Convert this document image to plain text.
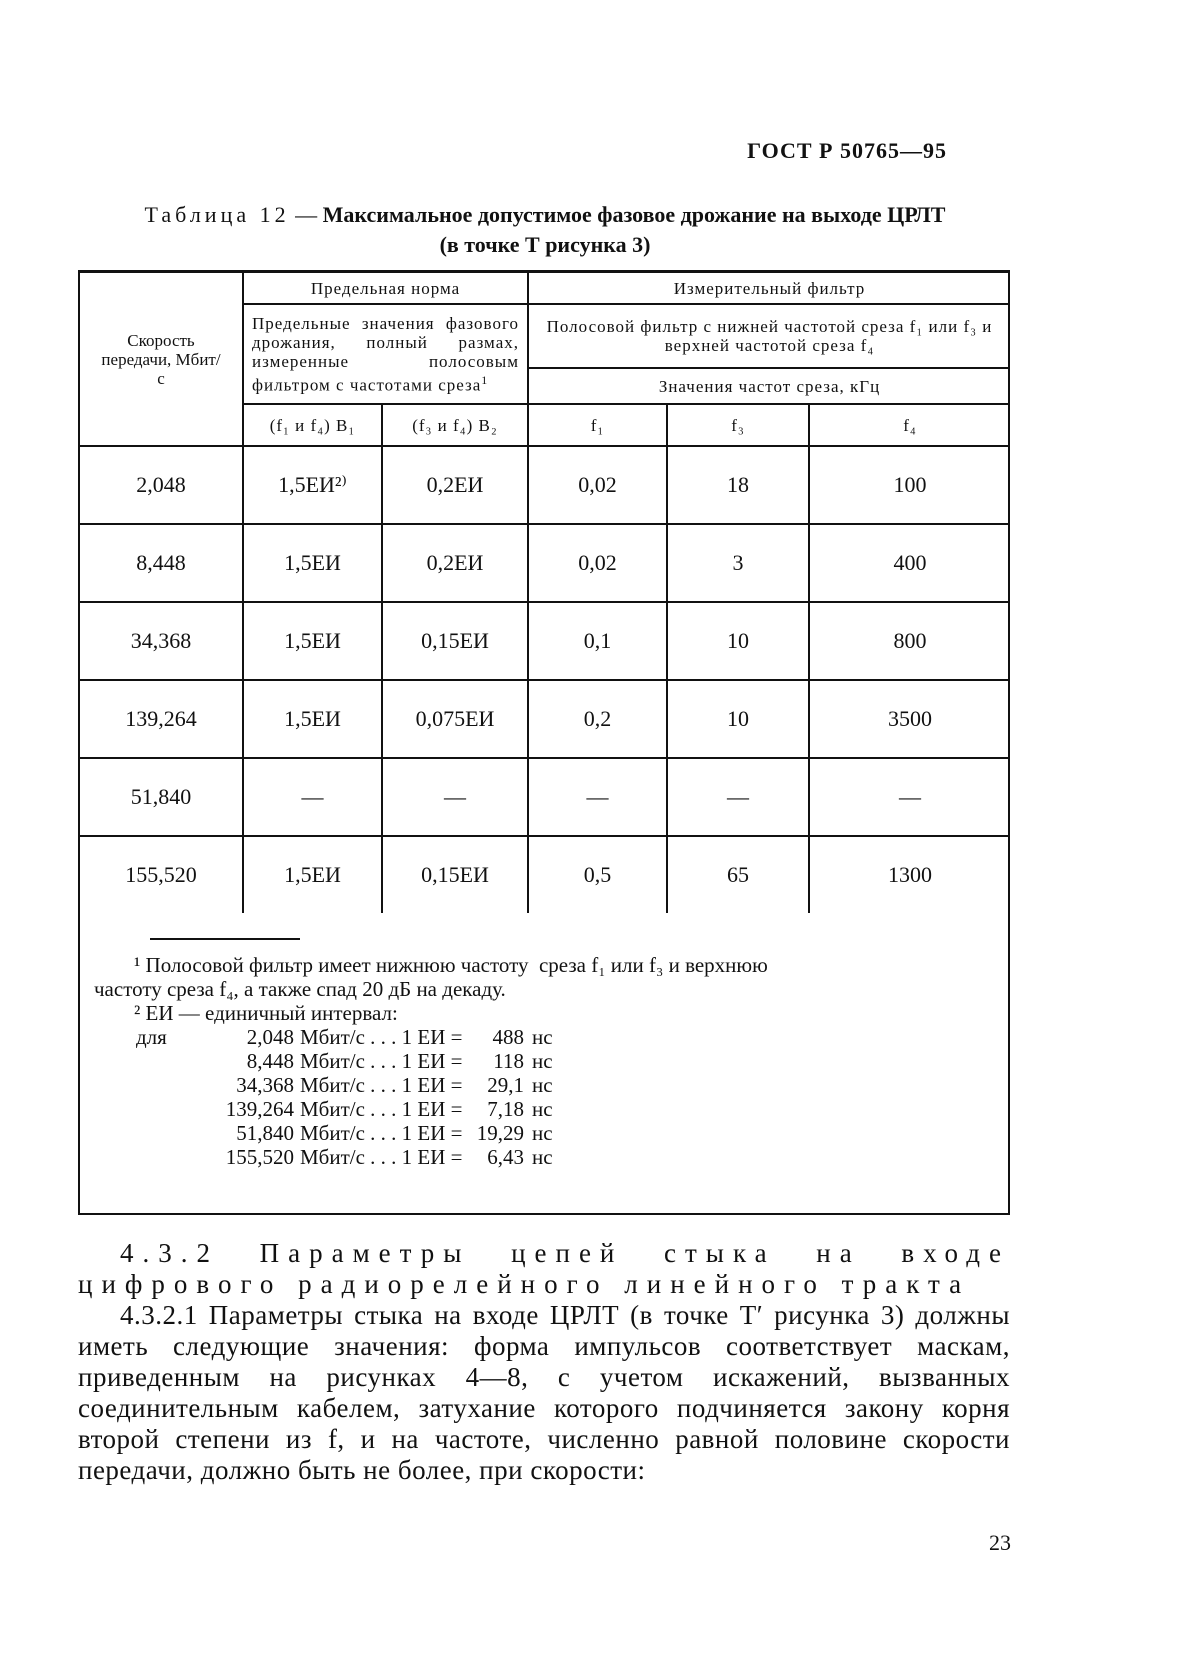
ГОСТ Р 50765—95
Таблица 12 — Максимальное допустимое фазовое дрожание на выходе ЦРЛТ
(в точке Т рисунка 3)
Скорость передачи, Мбит/с	Предельная норма		Измерительный фильтр		
	Предельные значения фазового дрожания, полный размах, измеренные полосовым фильтром с частотами среза$^1$		Полосовой фильтр с нижней частотой среза f₁ или f₃ и верхней частотой среза f₄		

			Значения частот среза, кГц		
	(f₁ и f₄) B₁	(f₃ и f₄) B₂	f₁	f₃	f₄
2,048	1,5ЕИ²⁾	0,2ЕИ	0,02	18	100
8,448	1,5ЕИ	0,2ЕИ	0,02	3	400
34,368	1,5ЕИ	0,15ЕИ	0,1	10	800
139,264	1,5ЕИ	0,075ЕИ	0,2	10	3500
51,840	—	—	—	—	—
155,520	1,5ЕИ	0,15ЕИ	0,5	65	1300
¹ Полосовой фильтр имеет нижнюю частоту  среза f₁ или f₃ и верхнюю
частоту среза f₄, а также спад 20 дБ на декаду.
² ЕИ — единичный интервал:
для	2,048 Мбит/с . . . 1 ЕИ =	488 нс
8,448 Мбит/с . . . 1 ЕИ =	118 нс
34,368 Мбит/с . . . 1 ЕИ =	29,1 нс
139,264 Мбит/с . . . 1 ЕИ =	7,18 нс
51,840 Мбит/с . . . 1 ЕИ = 19,29 нс
155,520 Мбит/с . . . 1 ЕИ =	6,43 нс

4.3.2 Параметры цепей стыка на входе цифрового радиорелейного линейного тракта

4.3.2.1 Параметры стыка на входе ЦРЛТ (в точке Т′ рисунка 3) должны иметь следующие значения: форма импульсов соответствует маскам, приведенным на рисунках 4—8, с учетом искажений, вызванных соединительным кабелем, затухание которого подчиняется закону корня второй степени из f, и на частоте, численно равной половине скорости передачи, должно быть не более, при скорости:

23
